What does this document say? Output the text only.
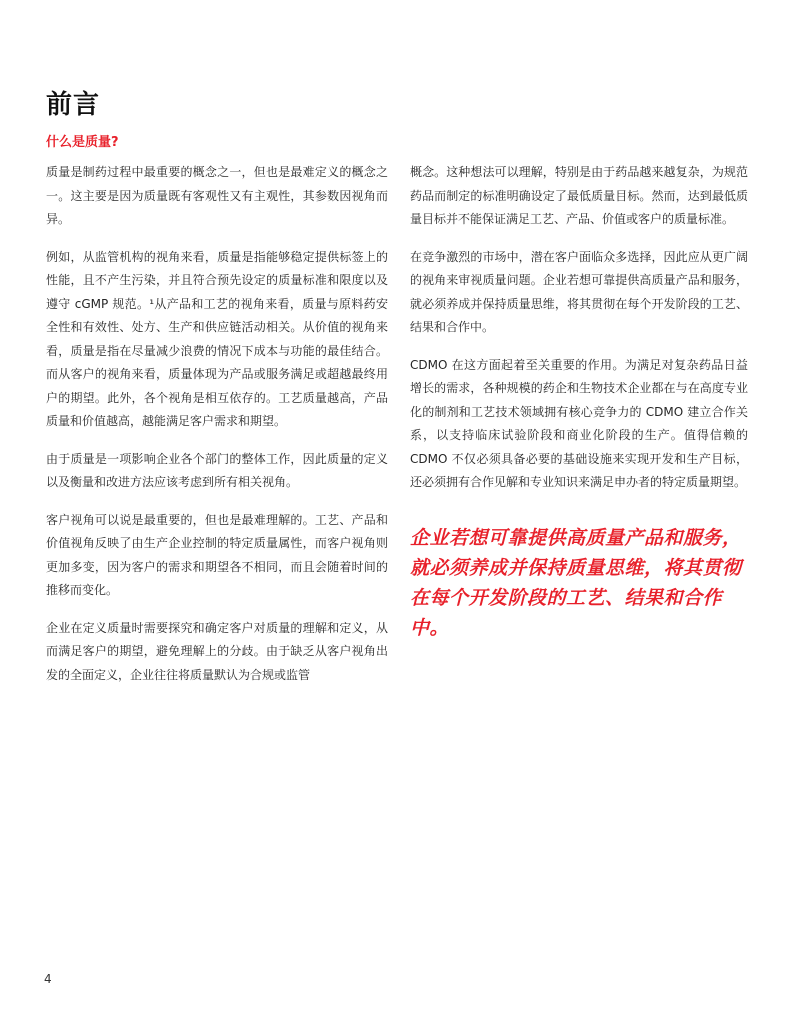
前言
什么是质量?

质量是制药过程中最重要的概念之一，但也是最难定义的概念之一。这主要是因为质量既有客观性又有主观性，其参数因视角而异。

例如，从监管机构的视角来看，质量是指能够稳定提供标签上的性能，且不产生污染，并且符合预先设定的质量标准和限度以及遵守 cGMP 规范。¹从产品和工艺的视角来看，质量与原料药安全性和有效性、处方、生产和供应链活动相关。从价值的视角来看，质量是指在尽量减少浪费的情况下成本与功能的最佳结合。而从客户的视角来看，质量体现为产品或服务满足或超越最终用户的期望。此外，各个视角是相互依存的。工艺质量越高，产品质量和价值越高，越能满足客户需求和期望。

由于质量是一项影响企业各个部门的整体工作，因此质量的定义以及衡量和改进方法应该考虑到所有相关视角。

客户视角可以说是最重要的，但也是最难理解的。工艺、产品和价值视角反映了由生产企业控制的特定质量属性，而客户视角则更加多变，因为客户的需求和期望各不相同，而且会随着时间的推移而变化。

企业在定义质量时需要探究和确定客户对质量的理解和定义，从而满足客户的期望，避免理解上的分歧。由于缺乏从客户视角出发的全面定义，企业往往将质量默认为合规或监管

概念。这种想法可以理解，特别是由于药品越来越复杂，为规范药品而制定的标准明确设定了最低质量目标。然而，达到最低质量目标并不能保证满足工艺、产品、价值或客户的质量标准。

在竞争激烈的市场中，潜在客户面临众多选择，因此应从更广阔的视角来审视质量问题。企业若想可靠提供高质量产品和服务，就必须养成并保持质量思维，将其贯彻在每个开发阶段的工艺、结果和合作中。

CDMO 在这方面起着至关重要的作用。为满足对复杂药品日益增长的需求，各种规模的药企和生物技术企业都在与在高度专业化的制剂和工艺技术领域拥有核心竞争力的 CDMO 建立合作关系，以支持临床试验阶段和商业化阶段的生产。值得信赖的 CDMO 不仅必须具备必要的基础设施来实现开发和生产目标，还必须拥有合作见解和专业知识来满足申办者的特定质量期望。

企业若想可靠提供高质量产品和服务，就必须养成并保持质量思维，将其贯彻在每个开发阶段的工艺、结果和合作中。
4
